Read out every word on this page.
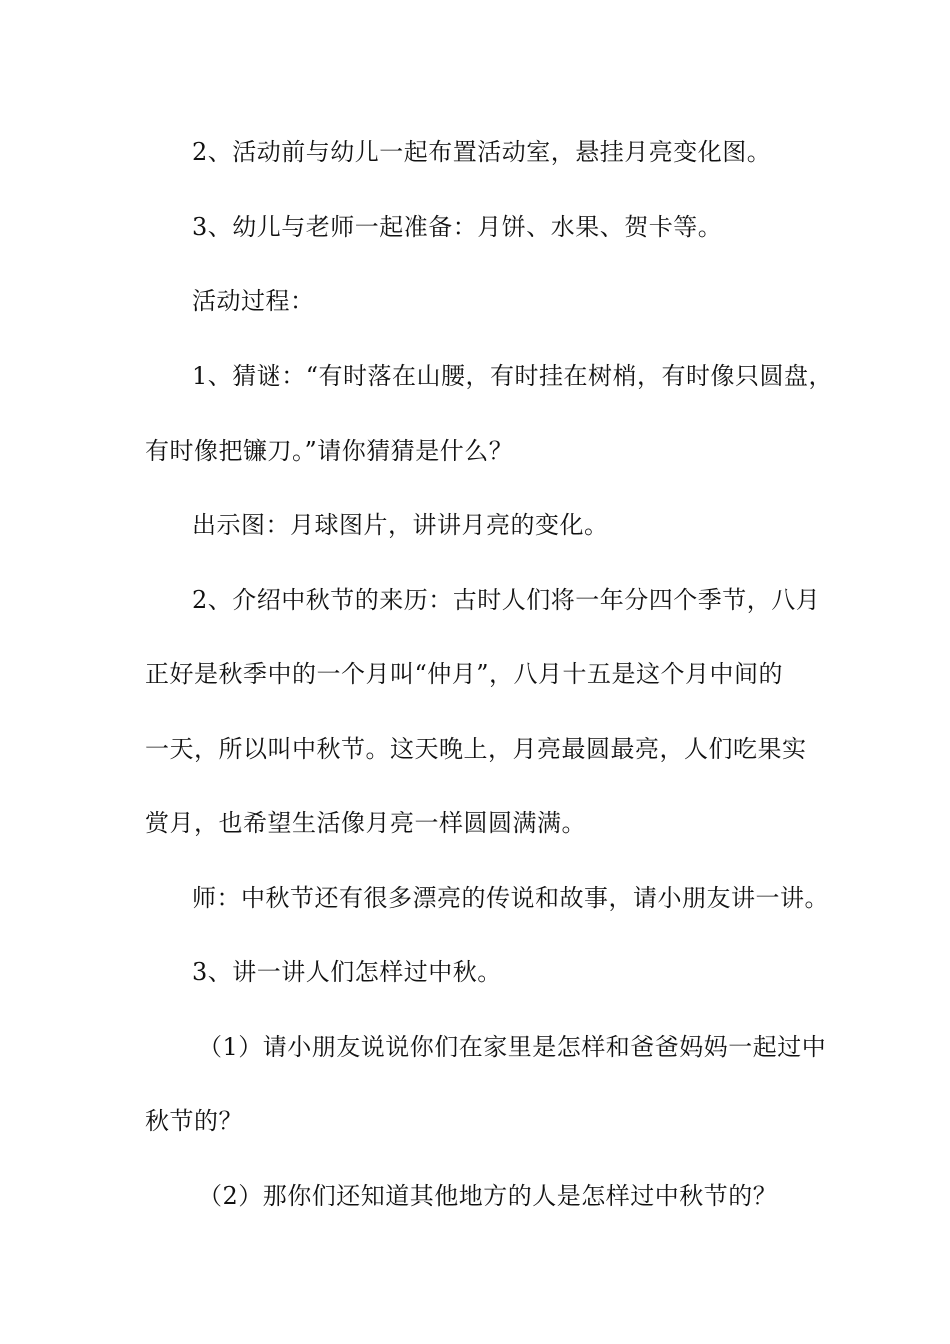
2、活动前与幼儿一起布置活动室，悬挂月亮变化图。
3、幼儿与老师一起准备：月饼、水果、贺卡等。
活动过程：
1、猜谜：“有时落在山腰，有时挂在树梢，有时像只圆盘，
有时像把镰刀。”请你猜猜是什么？
出示图：月球图片，讲讲月亮的变化。
2、介绍中秋节的来历：古时人们将一年分四个季节，八月
正好是秋季中的一个月叫“仲月”，八月十五是这个月中间的
一天，所以叫中秋节。这天晚上，月亮最圆最亮，人们吃果实
赏月，也希望生活像月亮一样圆圆满满。
师：中秋节还有很多漂亮的传说和故事，请小朋友讲一讲。
3、讲一讲人们怎样过中秋。
（1）请小朋友说说你们在家里是怎样和爸爸妈妈一起过中
秋节的？
（2）那你们还知道其他地方的人是怎样过中秋节的？
